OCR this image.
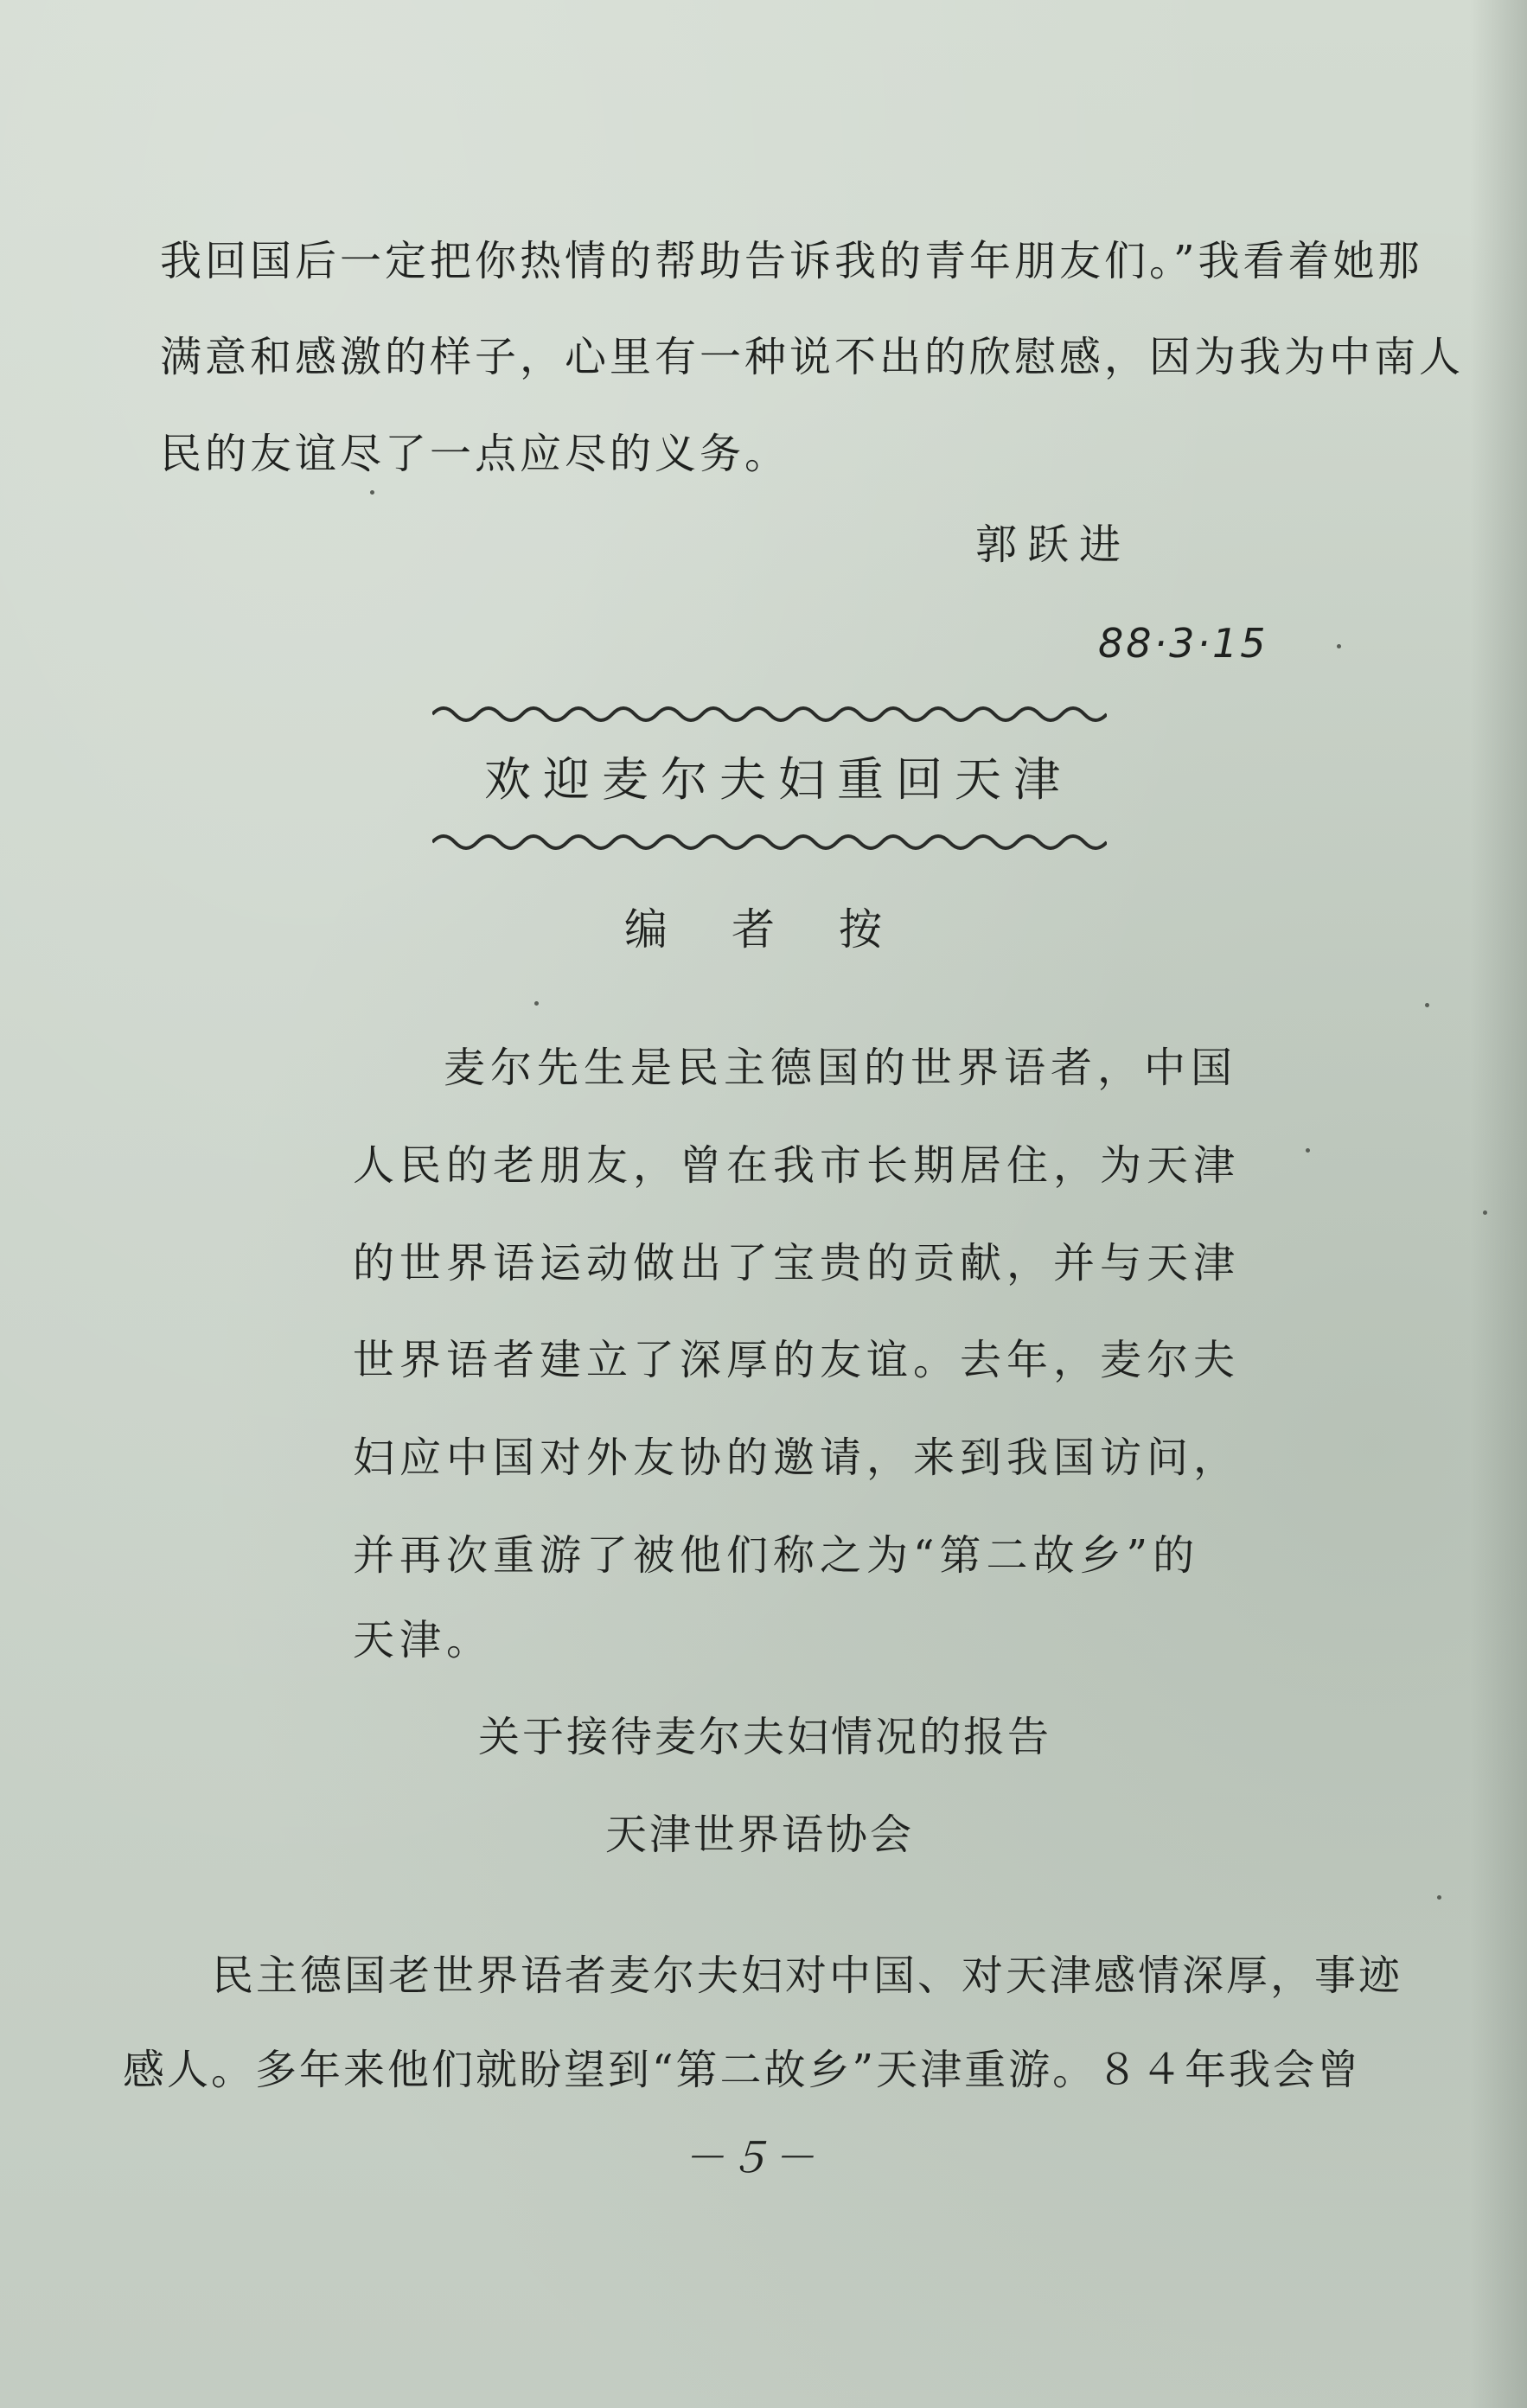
我回国后一定把你热情的帮助告诉我的青年朋友们。”我看着她那
满意和感激的样子，心里有一种说不出的欣慰感，因为我为中南人
民的友谊尽了一点应尽的义务。
郭跃进
88·3·15
欢迎麦尔夫妇重回天津
编者按
麦尔先生是民主德国的世界语者，中国
人民的老朋友，曾在我市长期居住，为天津
的世界语运动做出了宝贵的贡献，并与天津
世界语者建立了深厚的友谊。去年，麦尔夫
妇应中国对外友协的邀请，来到我国访问，
并再次重游了被他们称之为“第二故乡”的
天津。
关于接待麦尔夫妇情况的报告
天津世界语协会
民主德国老世界语者麦尔夫妇对中国、对天津感情深厚，事迹
感人。多年来他们就盼望到“第二故乡”天津重游。８４年我会曾
－５－
